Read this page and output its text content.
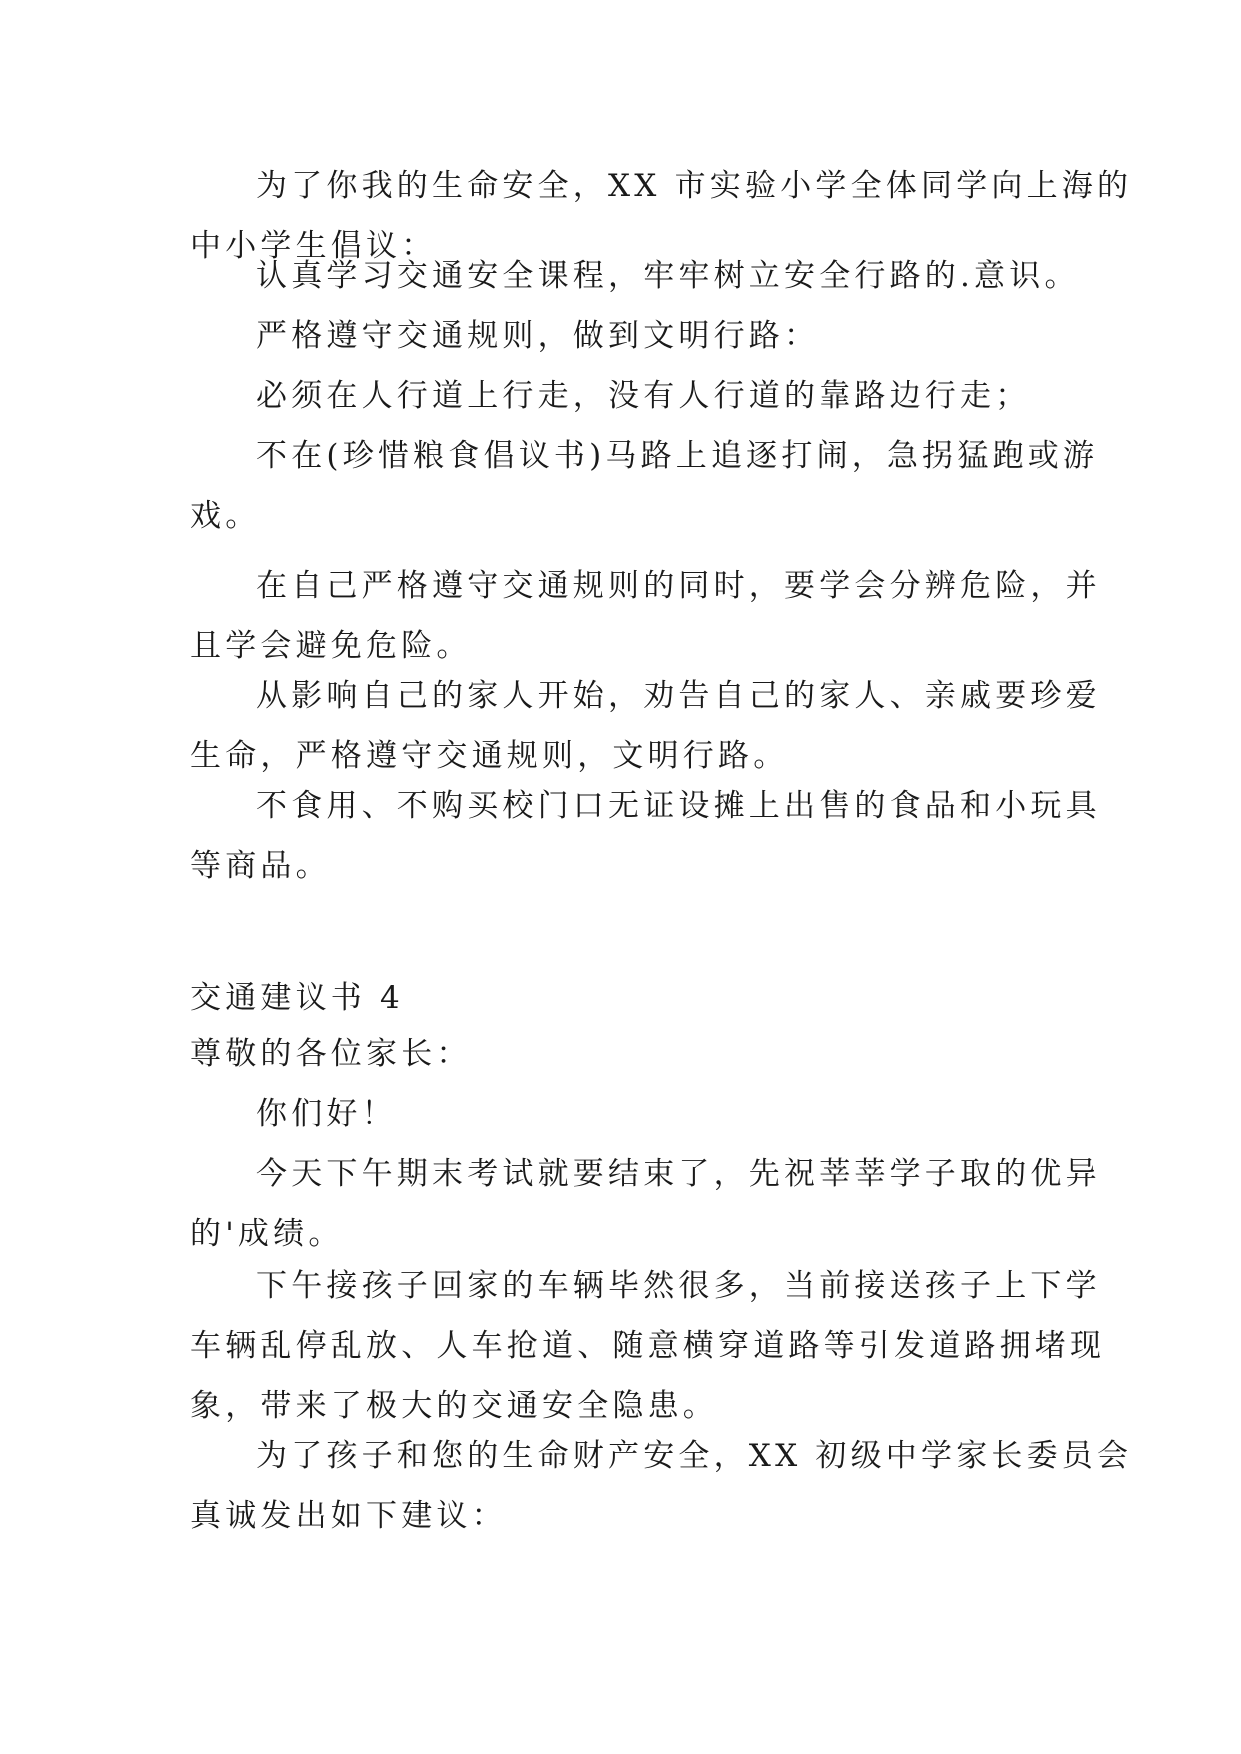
为了你我的生命安全，XX 市实验小学全体同学向上海的
中小学生倡议：

认真学习交通安全课程，牢牢树立安全行路的.意识。

严格遵守交通规则，做到文明行路：

必须在人行道上行走，没有人行道的靠路边行走；

不在(珍惜粮食倡议书)马路上追逐打闹，急拐猛跑或游
戏。

在自己严格遵守交通规则的同时，要学会分辨危险，并
且学会避免危险。

从影响自己的家人开始，劝告自己的家人、亲戚要珍爱
生命，严格遵守交通规则，文明行路。

不食用、不购买校门口无证设摊上出售的食品和小玩具
等商品。

交通建议书 4

尊敬的各位家长：

你们好！

今天下午期末考试就要结束了，先祝莘莘学子取的优异
的'成绩。

下午接孩子回家的车辆毕然很多，当前接送孩子上下学
车辆乱停乱放、人车抢道、随意横穿道路等引发道路拥堵现
象，带来了极大的交通安全隐患。

为了孩子和您的生命财产安全，XX 初级中学家长委员会
真诚发出如下建议：
